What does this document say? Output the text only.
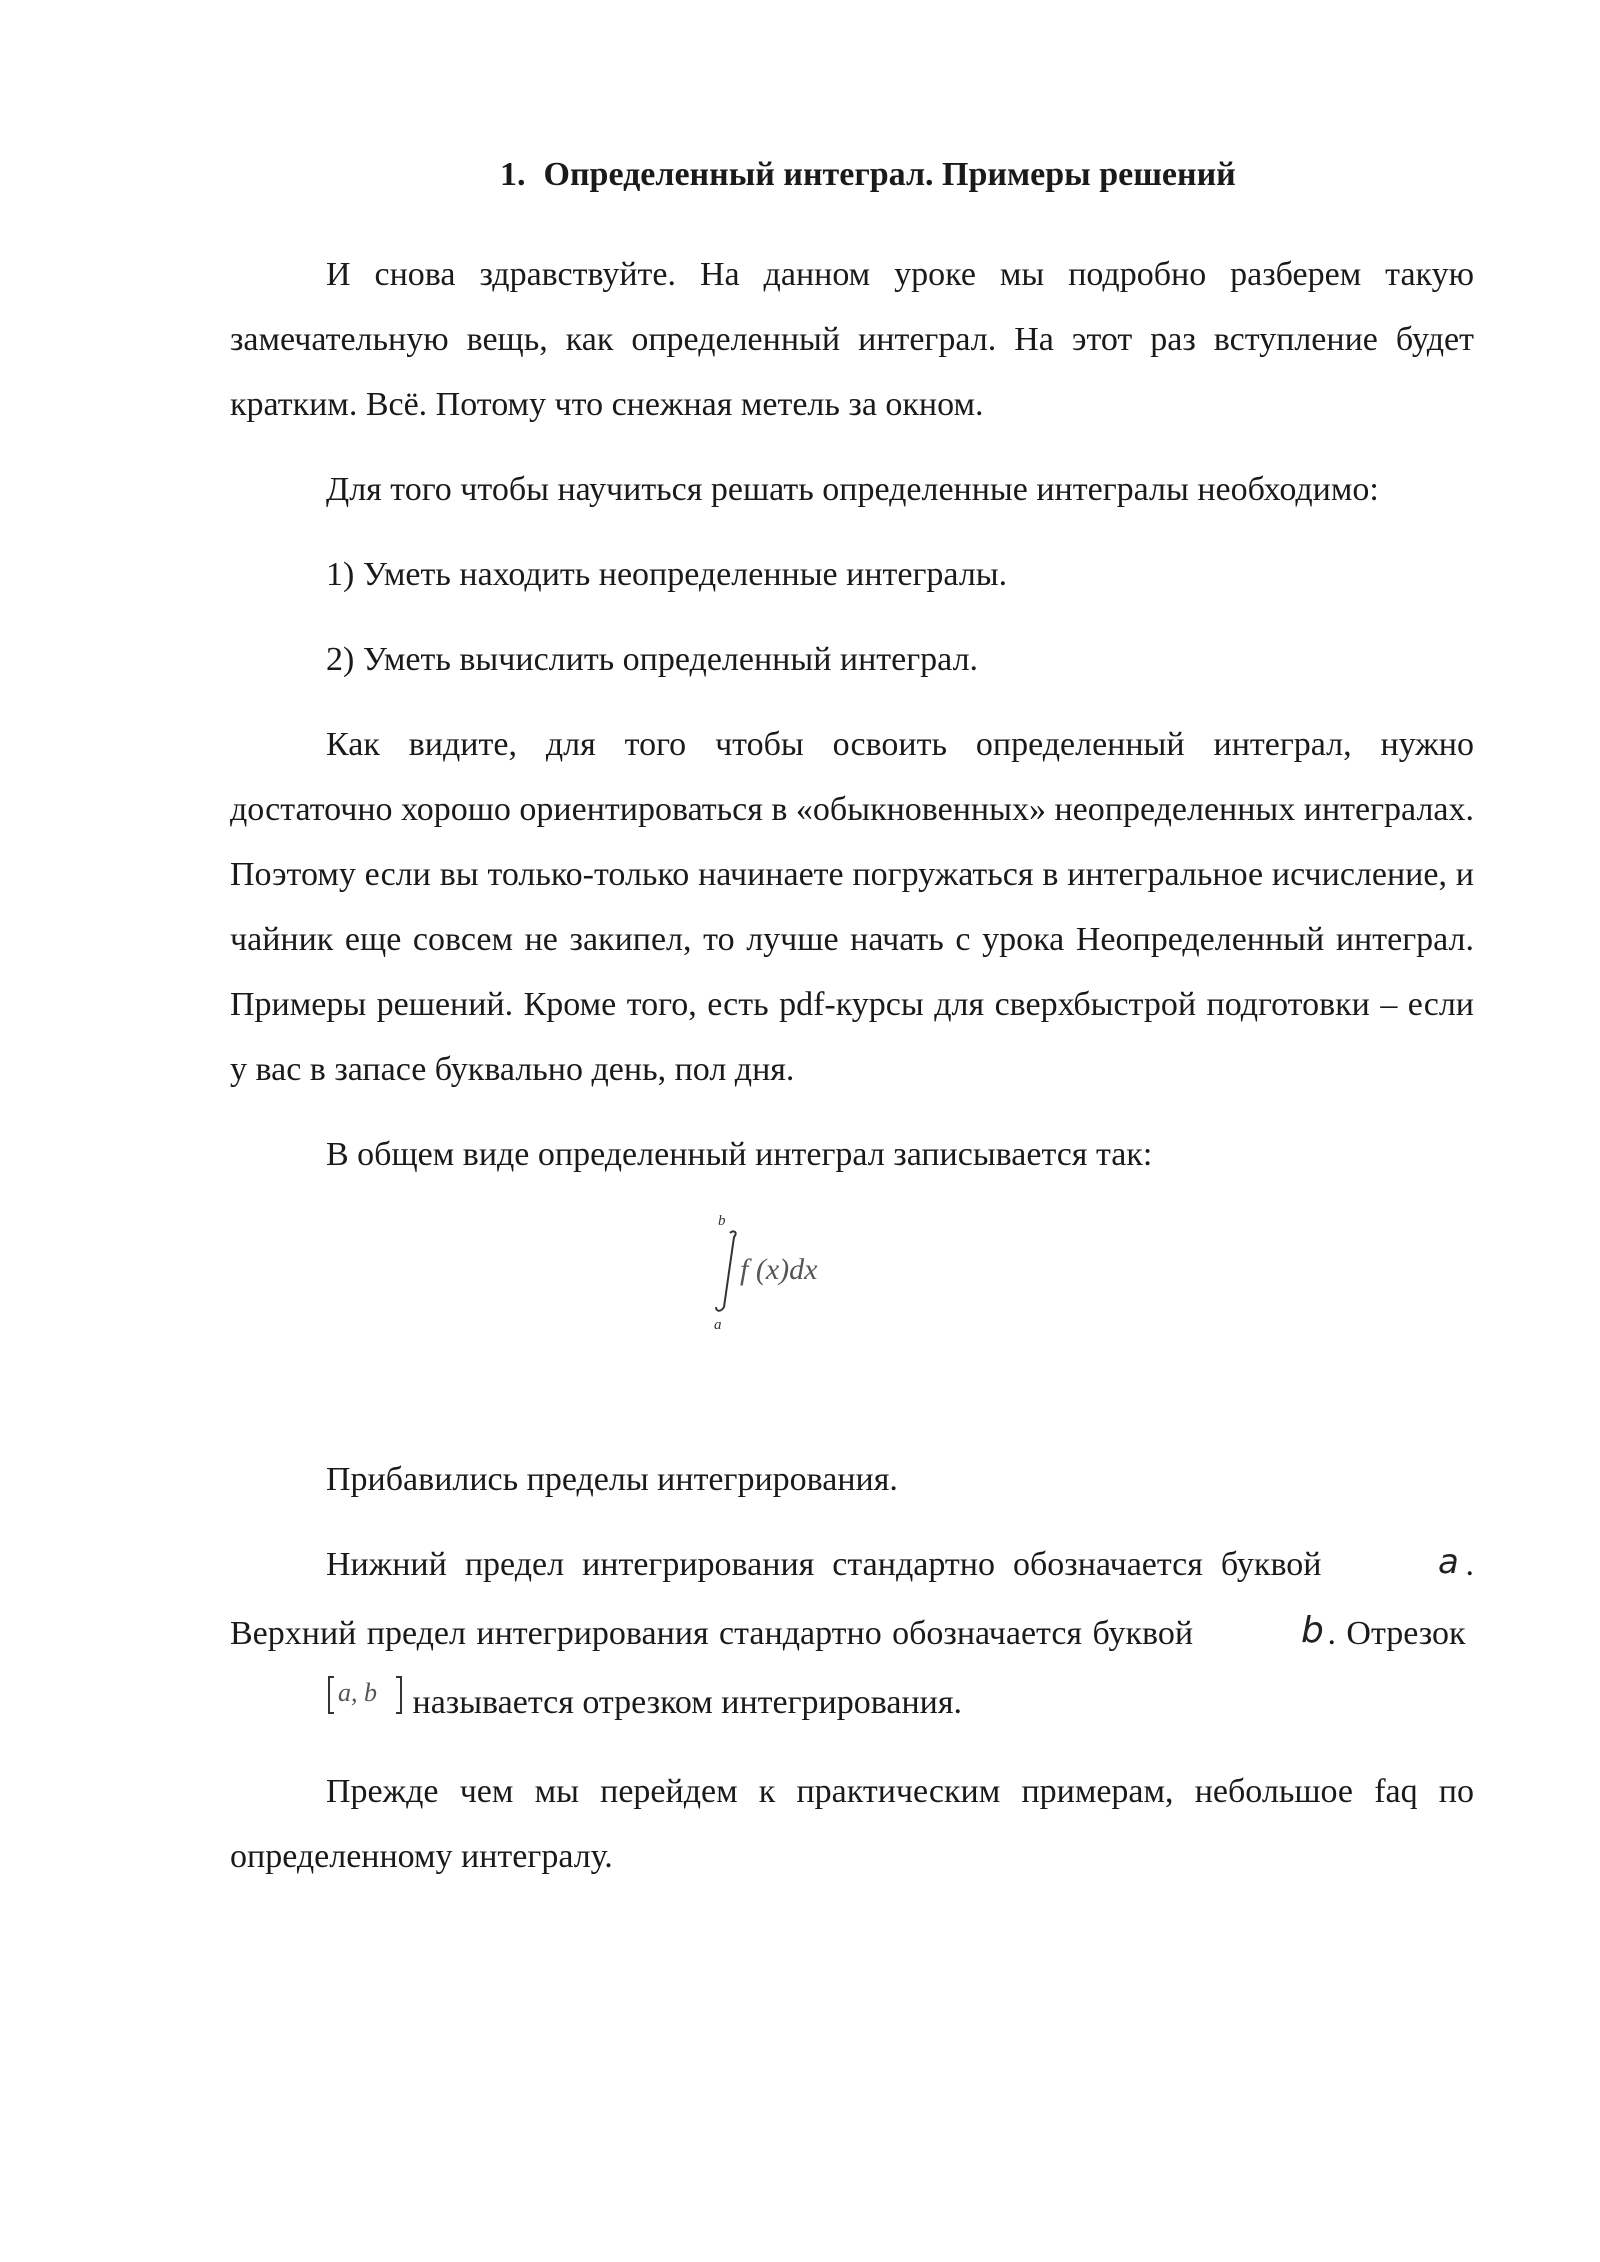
1. Определенный интеграл. Примеры решений

И снова здравствуйте. На данном уроке мы подробно разберем такую замечательную вещь, как определенный интеграл. На этот раз вступление будет кратким. Всё. Потому что снежная метель за окном.

Для того чтобы научиться решать определенные интегралы необходимо:

1) Уметь находить неопределенные интегралы.

2) Уметь вычислить определенный интеграл.

Как видите, для того чтобы освоить определенный интеграл, нужно достаточно хорошо ориентироваться в «обыкновенных» неопределенных интегралах. Поэтому если вы только-только начинаете погружаться в интегральное исчисление, и чайник еще совсем не закипел, то лучше начать с урока Неопределенный интеграл. Примеры решений. Кроме того, есть pdf-курсы для сверхбыстрой подготовки – если у вас в запасе буквально день, пол дня.

В общем виде определенный интеграл записывается так:

b
a
f (x)dx

Прибавились пределы интегрирования.

Нижний предел интегрирования стандартно обозначается буквой	a . Верхний предел интегрирования стандартно обозначается буквой	b . Отрезок
a, b называется отрезком интегрирования.

Прежде чем мы перейдем к практическим примерам, небольшое faq по определенному интегралу.
